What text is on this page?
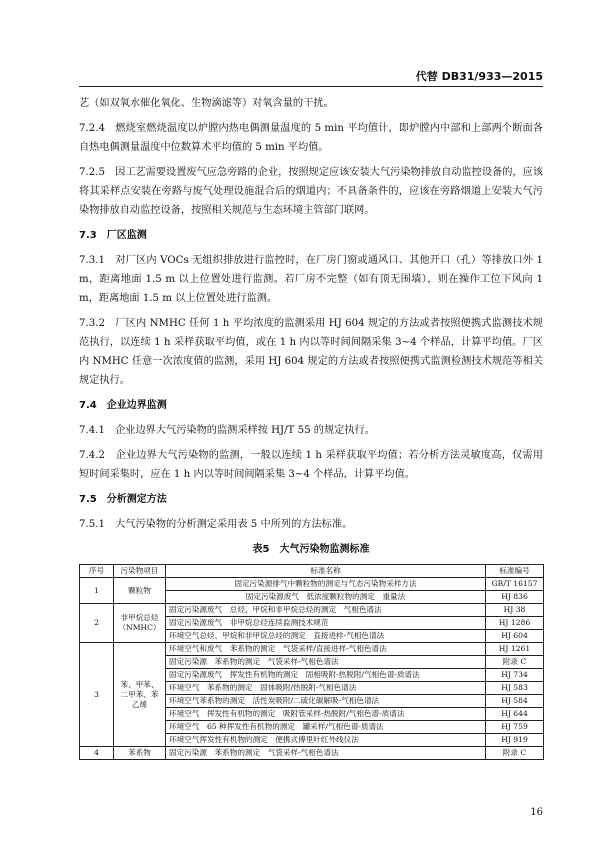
代替 DB31/933—2015

艺（如双氧水催化氧化、生物滴滤等）对氧含量的干扰。

7.2.4　燃烧室燃烧温度以炉膛内热电偶测量温度的 5 min 平均值计，即炉膛内中部和上部两个断面各自热电偶测量温度中位数算术平均值的 5 min 平均值。

7.2.5　因工艺需要设置废气应急旁路的企业，按照规定应该安装大气污染物排放自动监控设备的，应该将其采样点安装在旁路与废气处理设施混合后的烟道内；不具备条件的，应该在旁路烟道上安装大气污染物排放自动监控设备，按照相关规范与生态环境主管部门联网。

7.3　厂区监测

7.3.1　对厂区内 VOCs 无组织排放进行监控时，在厂房门窗或通风口、其他开口（孔）等排放口外 1 m，距离地面 1.5 m 以上位置处进行监测。若厂房不完整（如有顶无围墙），则在操作工位下风向 1 m，距离地面 1.5 m 以上位置处进行监测。

7.3.2　厂区内 NMHC 任何 1 h 平均浓度的监测采用 HJ 604 规定的方法或者按照便携式监测技术规范执行，以连续 1 h 采样获取平均值，或在 1 h 内以等时间间隔采集 3~4 个样品，计算平均值。厂区内 NMHC 任意一次浓度值的监测，采用 HJ 604 规定的方法或者按照便携式监测检测技术规范等相关规定执行。

7.4　企业边界监测

7.4.1　企业边界大气污染物的监测采样按 HJ/T 55 的规定执行。

7.4.2　企业边界大气污染物的监测，一般以连续 1 h 采样获取平均值；若分析方法灵敏度高，仅需用短时间采集时，应在 1 h 内以等时间间隔采集 3~4 个样品，计算平均值。

7.5　分析测定方法

7.5.1　大气污染物的分析测定采用表 5 中所列的方法标准。

表5　大气污染物监测标准
序号	污染物项目	标准名称	标准编号
1	颗粒物	固定污染源排气中颗粒物的测定与气态污染物采样方法	GB/T 16157
		固定污染源废气　低浓度颗粒物的测定　重量法	HJ 836
2	非甲烷总烃（NMHC）	固定污染源废气　总烃、甲烷和非甲烷总烃的测定　气相色谱法	HJ 38
		固定污染源废气　非甲烷总烃连续监测技术规范	HJ 1286
		环境空气总烃、甲烷和非甲烷总烃的测定　直接进样-气相色谱法	HJ 604
3	苯、甲苯、二甲苯、苯乙烯	环境空气和废气　苯系物的测定　气袋采样/直接进样-气相色谱法	HJ 1261
		固定污染源　苯系物的测定　气袋采样-气相色谱法	附录 C
		固定污染源废气　挥发性有机物的测定　固相吸附-热脱附/气相色谱-质谱法	HJ 734
		环境空气　苯系物的测定　固体吸附/热脱附-气相色谱法	HJ 583
		环境空气苯系物的测定　活性炭吸附/二硫化碳解吸-气相色谱法	HJ 584
		环境空气　挥发性有机物的测定　吸附管采样-热脱附/气相色谱-质谱法	HJ 644
		环境空气　65 种挥发性有机物的测定　罐采样/气相色谱-质谱法	HJ 759
		环境空气挥发性有机物的测定　便携式傅里叶红外线仪法	HJ 919
4	苯系物	固定污染源　苯系物的测定　气袋采样-气相色谱法	附录 C
16
